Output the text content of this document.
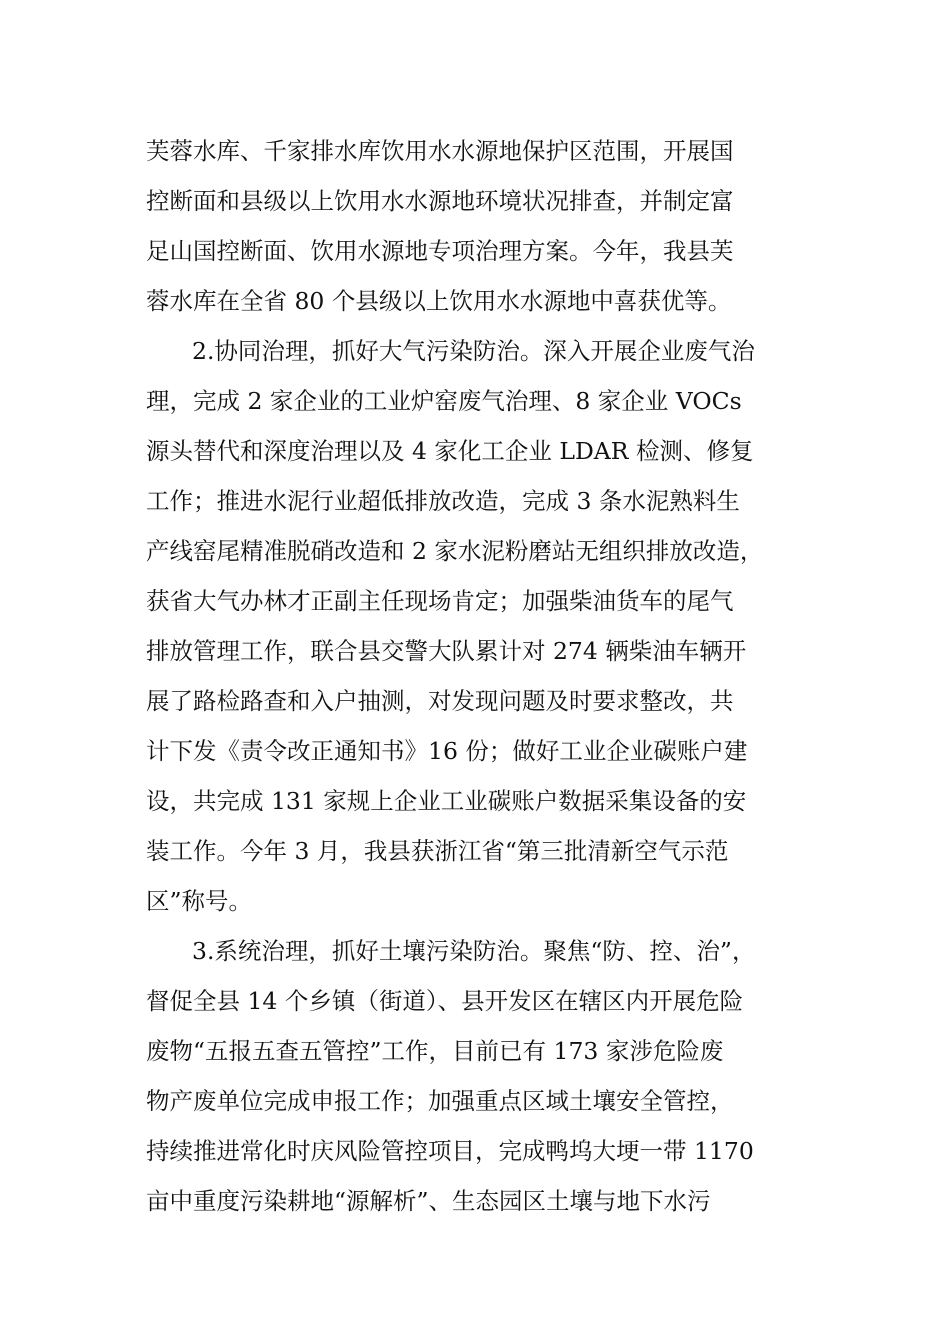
芙蓉水库、千家排水库饮用水水源地保护区范围，开展国
控断面和县级以上饮用水水源地环境状况排查，并制定富
足山国控断面、饮用水源地专项治理方案。今年，我县芙
蓉水库在全省 80 个县级以上饮用水水源地中喜获优等。
2.协同治理，抓好大气污染防治。深入开展企业废气治
理，完成 2 家企业的工业炉窑废气治理、8 家企业 VOCs
源头替代和深度治理以及 4 家化工企业 LDAR 检测、修复
工作；推进水泥行业超低排放改造，完成 3 条水泥熟料生
产线窑尾精准脱硝改造和 2 家水泥粉磨站无组织排放改造，
获省大气办林才正副主任现场肯定；加强柴油货车的尾气
排放管理工作，联合县交警大队累计对 274 辆柴油车辆开
展了路检路查和入户抽测，对发现问题及时要求整改，共
计下发《责令改正通知书》16 份；做好工业企业碳账户建
设，共完成 131 家规上企业工业碳账户数据采集设备的安
装工作。今年 3 月，我县获浙江省“第三批清新空气示范
区”称号。
3.系统治理，抓好土壤污染防治。聚焦“防、控、治”，
督促全县 14 个乡镇（街道）、县开发区在辖区内开展危险
废物“五报五查五管控”工作，目前已有 173 家涉危险废
物产废单位完成申报工作；加强重点区域土壤安全管控，
持续推进常化时庆风险管控项目，完成鸭坞大埂一带 1170
亩中重度污染耕地“源解析”、生态园区土壤与地下水污
